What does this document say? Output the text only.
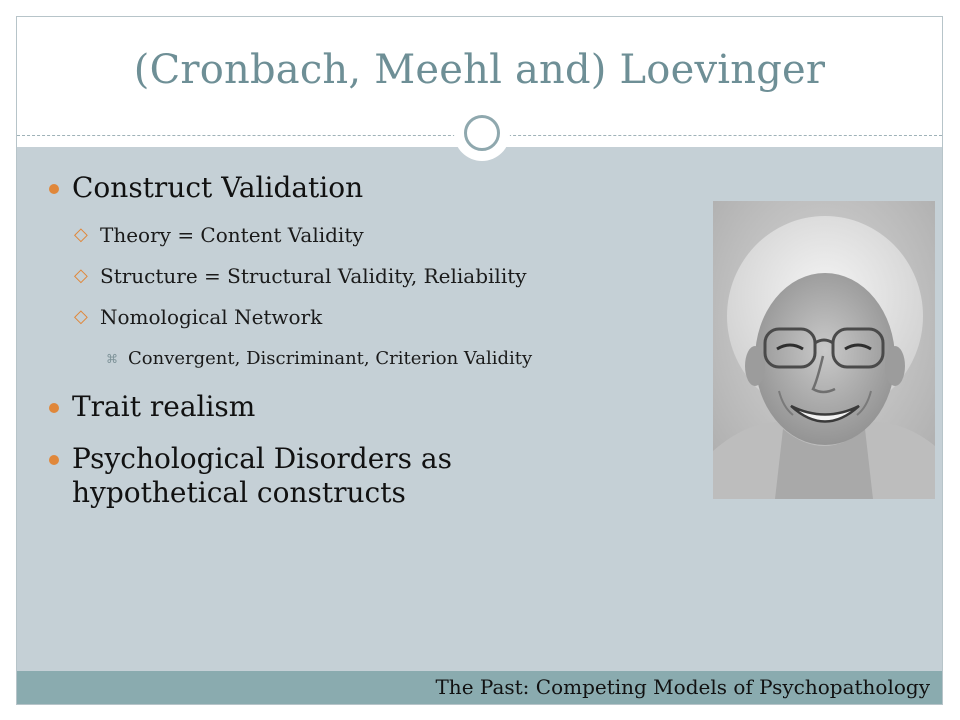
(Cronbach, Meehl and) Loevinger
Construct Validation
◇ Theory = Content Validity
◇ Structure = Structural Validity, Reliability
◇ Nomological Network
⌘ Convergent, Discriminant, Criterion Validity
Trait realism
Psychological Disorders as
hypothetical constructs
The Past: Competing Models of Psychopathology
